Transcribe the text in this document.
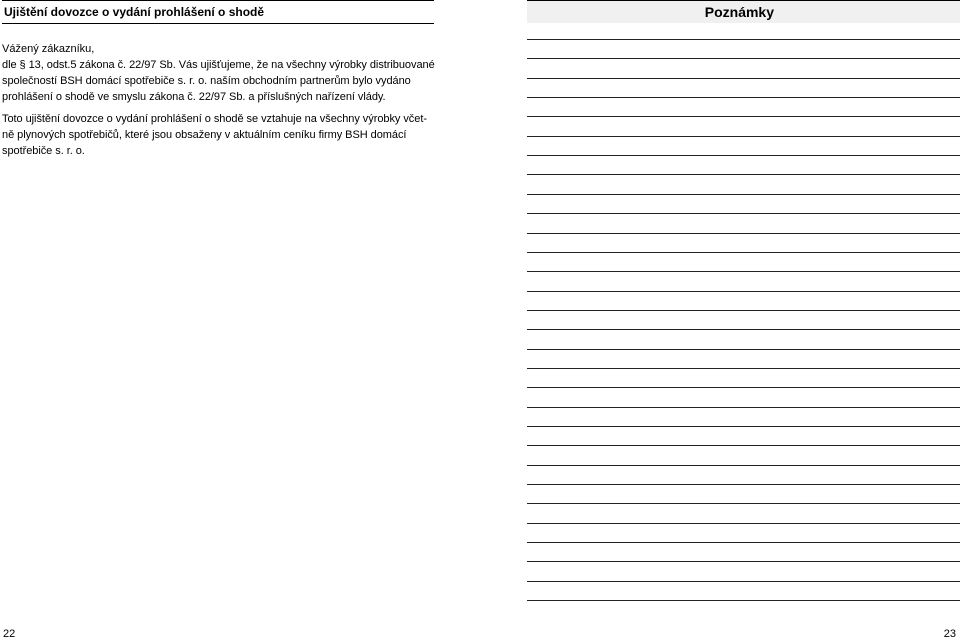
Ujištění dovozce o vydání prohlášení o shodě
Vážený zákazníku,
dle § 13, odst.5 zákona č. 22/97 Sb. Vás ujišťujeme, že na všechny výrobky distribuované
společností BSH domácí spotřebiče s. r. o. naším obchodním partnerům bylo vydáno
prohlášení o shodě ve smyslu zákona č. 22/97 Sb. a příslušných nařízení vlády.
Toto ujištění dovozce o vydání prohlášení o shodě se vztahuje na všechny výrobky včet-
ně plynových spotřebičů, které jsou obsaženy v aktuálním ceníku firmy BSH domácí
spotřebiče s. r. o.
22
Poznámky
23
